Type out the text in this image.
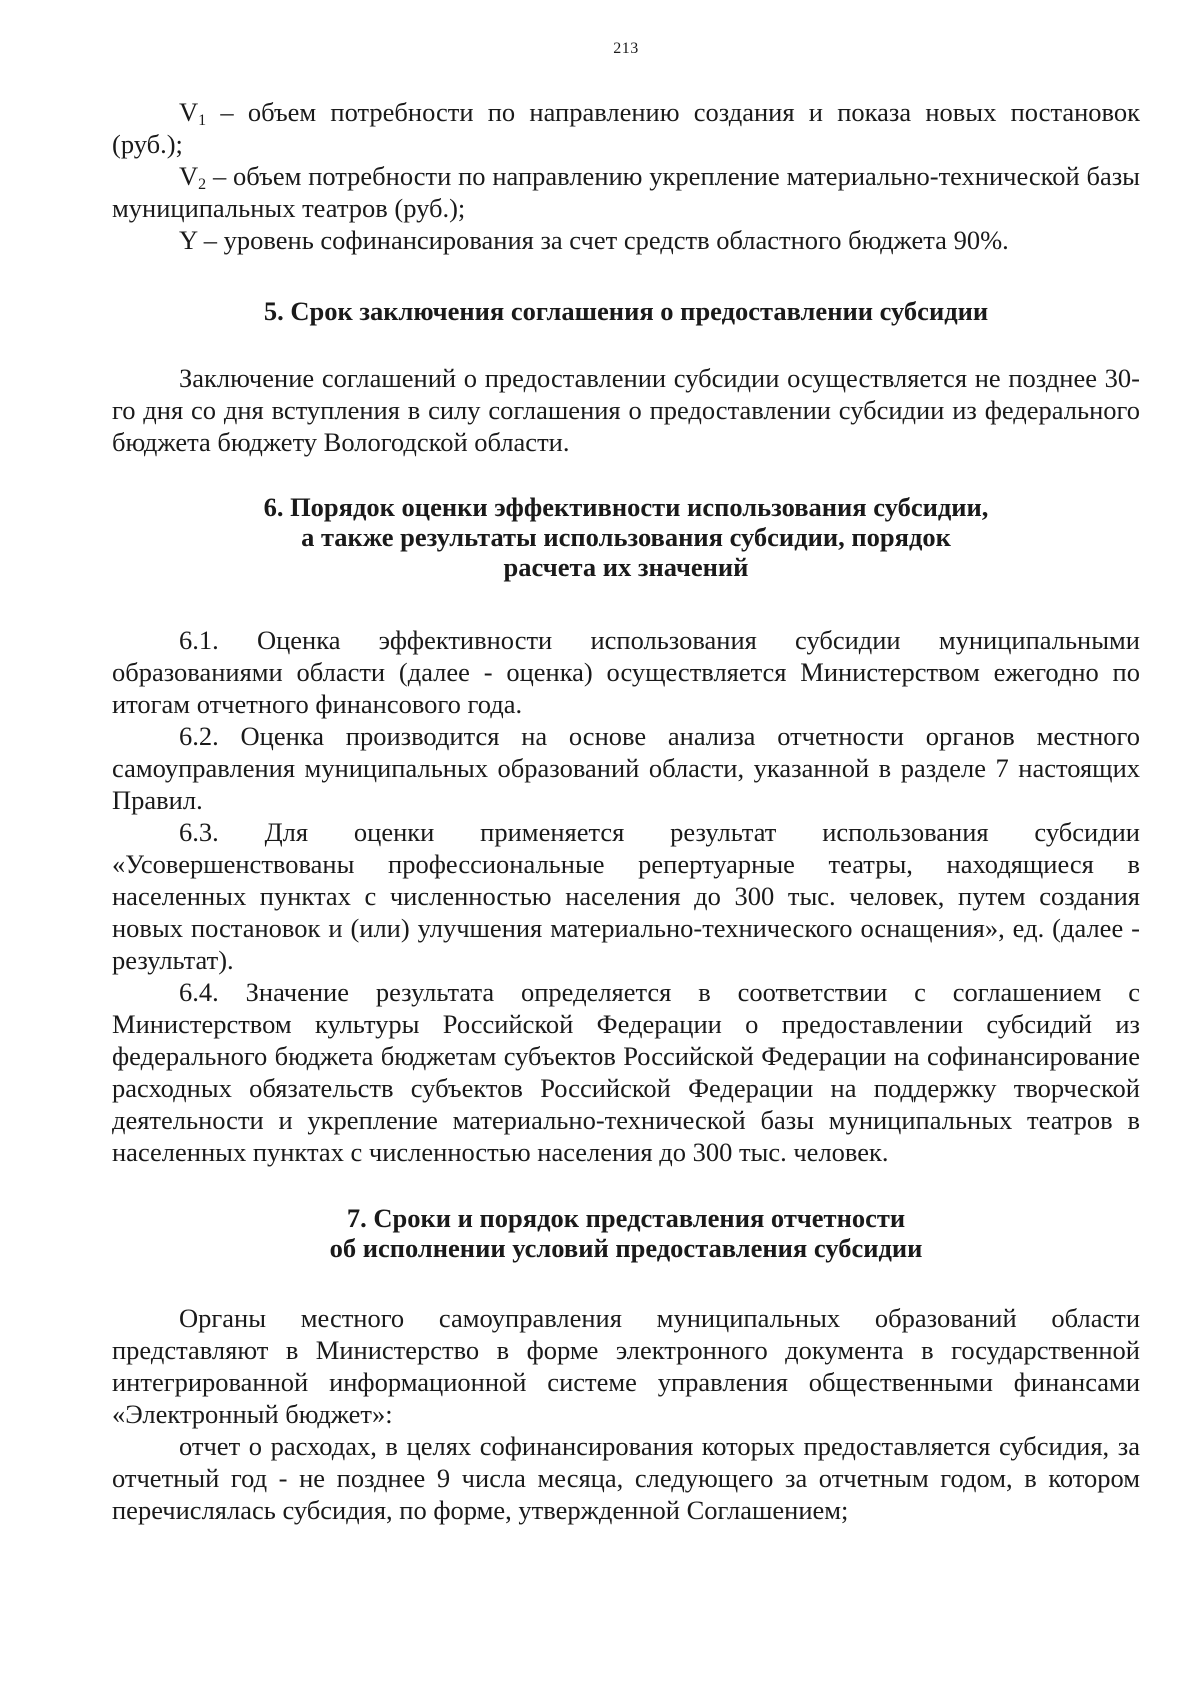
213

$V_1$ – объем потребности по направлению создания и показа новых постановок (руб.);

$V_2$ – объем потребности по направлению укрепление материально-технической базы муниципальных театров (руб.);

Y – уровень софинансирования за счет средств областного бюджета 90%.

5. Срок заключения соглашения о предоставлении субсидии

Заключение соглашений о предоставлении субсидии осуществляется не позднее 30-го дня со дня вступления в силу соглашения о предоставлении субсидии из федерального бюджета бюджету Вологодской области.

6. Порядок оценки эффективности использования субсидии,
а также результаты использования субсидии, порядок
расчета их значений

6.1. Оценка эффективности использования субсидии муниципальными образованиями области (далее - оценка) осуществляется Министерством ежегодно по итогам отчетного финансового года.

6.2. Оценка производится на основе анализа отчетности органов местного самоуправления муниципальных образований области, указанной в разделе 7 настоящих Правил.

6.3. Для оценки применяется результат использования субсидии «Усовершенствованы профессиональные репертуарные театры, находящиеся в населенных пунктах с численностью населения до 300 тыс. человек, путем создания новых постановок и (или) улучшения материально-технического оснащения», ед. (далее - результат).

6.4. Значение результата определяется в соответствии с соглашением с Министерством культуры Российской Федерации о предоставлении субсидий из федерального бюджета бюджетам субъектов Российской Федерации на софинансирование расходных обязательств субъектов Российской Федерации на поддержку творческой деятельности и укрепление материально-технической базы муниципальных театров в населенных пунктах с численностью населения до 300 тыс. человек.

7. Сроки и порядок представления отчетности
об исполнении условий предоставления субсидии

Органы местного самоуправления муниципальных образований области представляют в Министерство в форме электронного документа в государственной интегрированной информационной системе управления общественными финансами «Электронный бюджет»:

отчет о расходах, в целях софинансирования которых предоставляется субсидия, за отчетный год - не позднее 9 числа месяца, следующего за отчетным годом, в котором перечислялась субсидия, по форме, утвержденной Соглашением;
